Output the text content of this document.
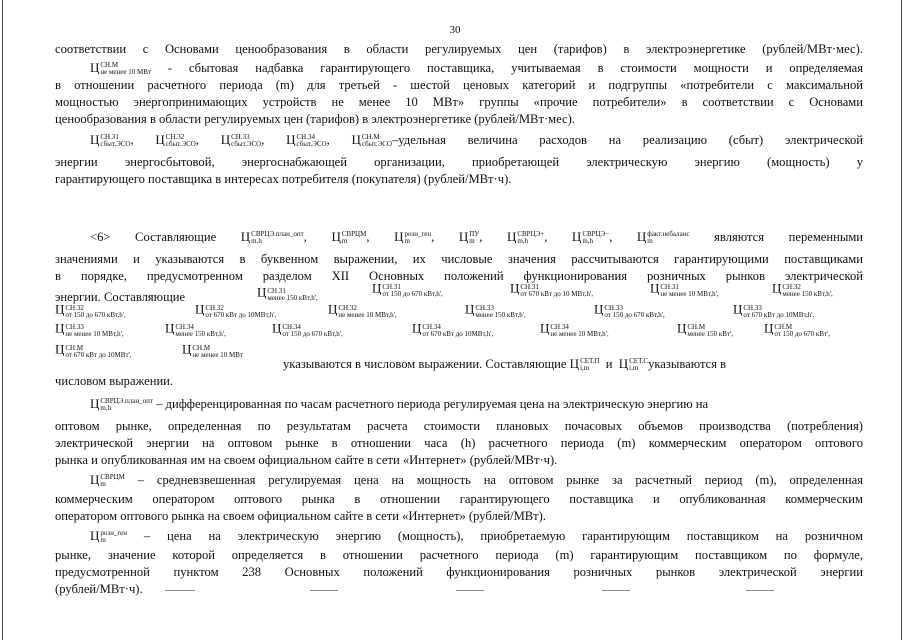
30
соответствии с Основами ценообразования в области регулируемых цен (тарифов) в электроэнергетике (рублей/МВт·мес).
Ц СН.М
не менее 10 МВт - сбытовая надбавка гарантирующего поставщика, учитываемая в стоимости мощности и определяемая
в отношении расчетного периода (m) для третьей - шестой ценовых категорий и подгруппы «потребители с максимальной
мощностью энергопринимающих устройств не менее 10 МВт» группы «прочие потребители» в соответствии с Основами
ценообразования в области регулируемых цен (тарифов) в электроэнергетике (рублей/МВт·мес).
Ц СН.31
сбыт.ЭСО , Ц СН.32
сбыт.ЭСО , Ц СН.33
сбыт.ЭСО , Ц СН.34
сбыт.ЭСО , Ц СН.М
сбыт.ЭСО –удельная величина расходов на реализацию (сбыт) электрической
энергии энергосбытовой, энергоснабжающей организации, приобретающей электрическую энергию (мощность) у
гарантирующего поставщика в интересах потребителя (покупателя) (рублей/МВт·ч).
<6> Составляющие Ц СВРЦЭ.план_опт
m,h	, Ц СВРЦМ
m	, Ц розн_ген
m	, Ц ПУ
m , Ц СВРЦЭ+
m,h	, Ц СВРЦЭ−
m,h	, Ц факт.небаланс
m	являются переменными
значениями и указываются в буквенном выражении, их числовые значения рассчитываются гарантирующими поставщиками
в порядке, предусмотренном разделом XII Основных положений функционирования розничных рынков электрической
энергии. Составляющие	Ц СН.31
менее 150 кВт,h',
Ц СН.31
от 150 до 670 кВт,h',	Ц СН.31
от 670 кВт до 10 МВт,h',	Ц СН.31
не менее 10 МВт,h',	Ц СН.32
менее 150 кВт,h',
Ц СН.32
от 150 до 670 кВт,h',	Ц СН.32
от 670 кВт до 10МВт,h',	Ц СН.32
не менее 10 МВт,h',	Ц СН.33
менее 150 кВт,h',	Ц СН.33
от 150 до 670 кВт,h',	Ц СН.33
от 670 кВт до 10МВт,h',
Ц СН.33
не менее 10 МВт,h',	Ц СН.34
менее 150 кВт,h',	Ц СН.34
от 150 до 670 кВт,h',	Ц СН.34
от 670 кВт до 10МВт,h',	Ц СН.34
не менее 10 МВт,h',	Ц СН.М
менее 150 кВт', Ц СН.М
от 150 до 670 кВт',
Ц СН.М
от 670 кВт до 10МВт',	Ц СН.М
не менее 10 МВт
указываются в числовом выражении. Составляющие Ц СЕТ.П
i,m	и Ц СЕТ.С
i,m указываются в
числовом выражении.
Ц СВРЦЭ.план_опт
m,h	– дифференцированная по часам расчетного периода регулируемая цена на электрическую энергию на
оптовом рынке, определенная по результатам расчета стоимости плановых почасовых объемов производства (потребления)
электрической энергии на оптовом рынке в отношении часа (h) расчетного периода (m) коммерческим оператором оптового
рынка и опубликованная им на своем официальном сайте в сети «Интернет» (рублей/МВт·ч).
Ц СВРЦМ
m	– средневзвешенная регулируемая цена на мощность на оптовом рынке за расчетный период (m), определенная
коммерческим оператором оптового рынка в отношении гарантирующего поставщика и опубликованная коммерческим
оператором оптового рынка на своем официальном сайте в сети «Интернет» (рублей/МВт).
Ц розн_ген
m	– цена на электрическую энергию (мощность), приобретаемую гарантирующим поставщиком на розничном
рынке, значение которой определяется в отношении расчетного периода (m) гарантирующим поставщиком по формуле,
предусмотренной пунктом 238 Основных положений функционирования розничных рынков электрической энергии
(рублей/МВт·ч).
